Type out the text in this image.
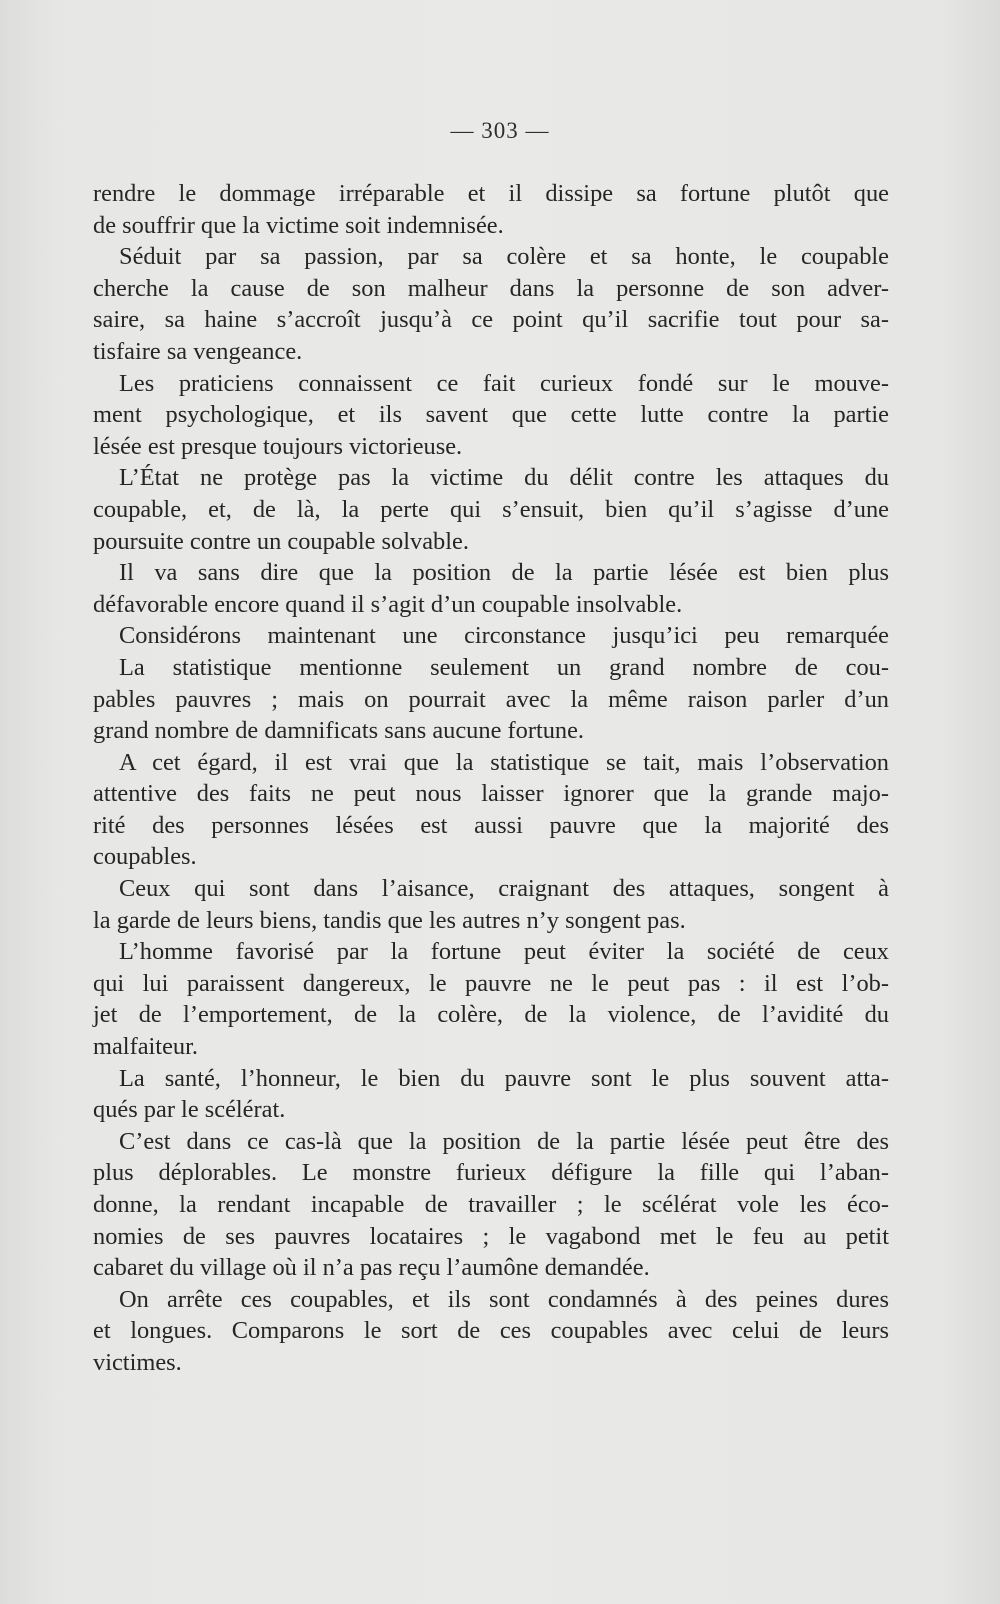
— 303 —
rendre le dommage irréparable et il dissipe sa fortune plutôt que
de souffrir que la victime soit indemnisée.
Séduit par sa passion, par sa colère et sa honte, le coupable
cherche la cause de son malheur dans la personne de son adver-
saire, sa haine s’accroît jusqu’à ce point qu’il sacrifie tout pour sa-
tisfaire sa vengeance.
Les praticiens connaissent ce fait curieux fondé sur le mouve-
ment psychologique, et ils savent que cette lutte contre la partie
lésée est presque toujours victorieuse.
L’État ne protège pas la victime du délit contre les attaques du
coupable, et, de là, la perte qui s’ensuit, bien qu’il s’agisse d’une
poursuite contre un coupable solvable.
Il va sans dire que la position de la partie lésée est bien plus
défavorable encore quand il s’agit d’un coupable insolvable.
Considérons maintenant une circonstance jusqu’ici peu remarquée
La statistique mentionne seulement un grand nombre de cou-
pables pauvres ; mais on pourrait avec la même raison parler d’un
grand nombre de damnificats sans aucune fortune.
A cet égard, il est vrai que la statistique se tait, mais l’observation
attentive des faits ne peut nous laisser ignorer que la grande majo-
rité des personnes lésées est aussi pauvre que la majorité des
coupables.
Ceux qui sont dans l’aisance, craignant des attaques, songent à
la garde de leurs biens, tandis que les autres n’y songent pas.
L’homme favorisé par la fortune peut éviter la société de ceux
qui lui paraissent dangereux, le pauvre ne le peut pas : il est l’ob-
jet de l’emportement, de la colère, de la violence, de l’avidité du
malfaiteur.
La santé, l’honneur, le bien du pauvre sont le plus souvent atta-
qués par le scélérat.
C’est dans ce cas-là que la position de la partie lésée peut être des
plus déplorables. Le monstre furieux défigure la fille qui l’aban-
donne, la rendant incapable de travailler ; le scélérat vole les éco-
nomies de ses pauvres locataires ; le vagabond met le feu au petit
cabaret du village où il n’a pas reçu l’aumône demandée.
On arrête ces coupables, et ils sont condamnés à des peines dures
et longues. Comparons le sort de ces coupables avec celui de leurs
victimes.
